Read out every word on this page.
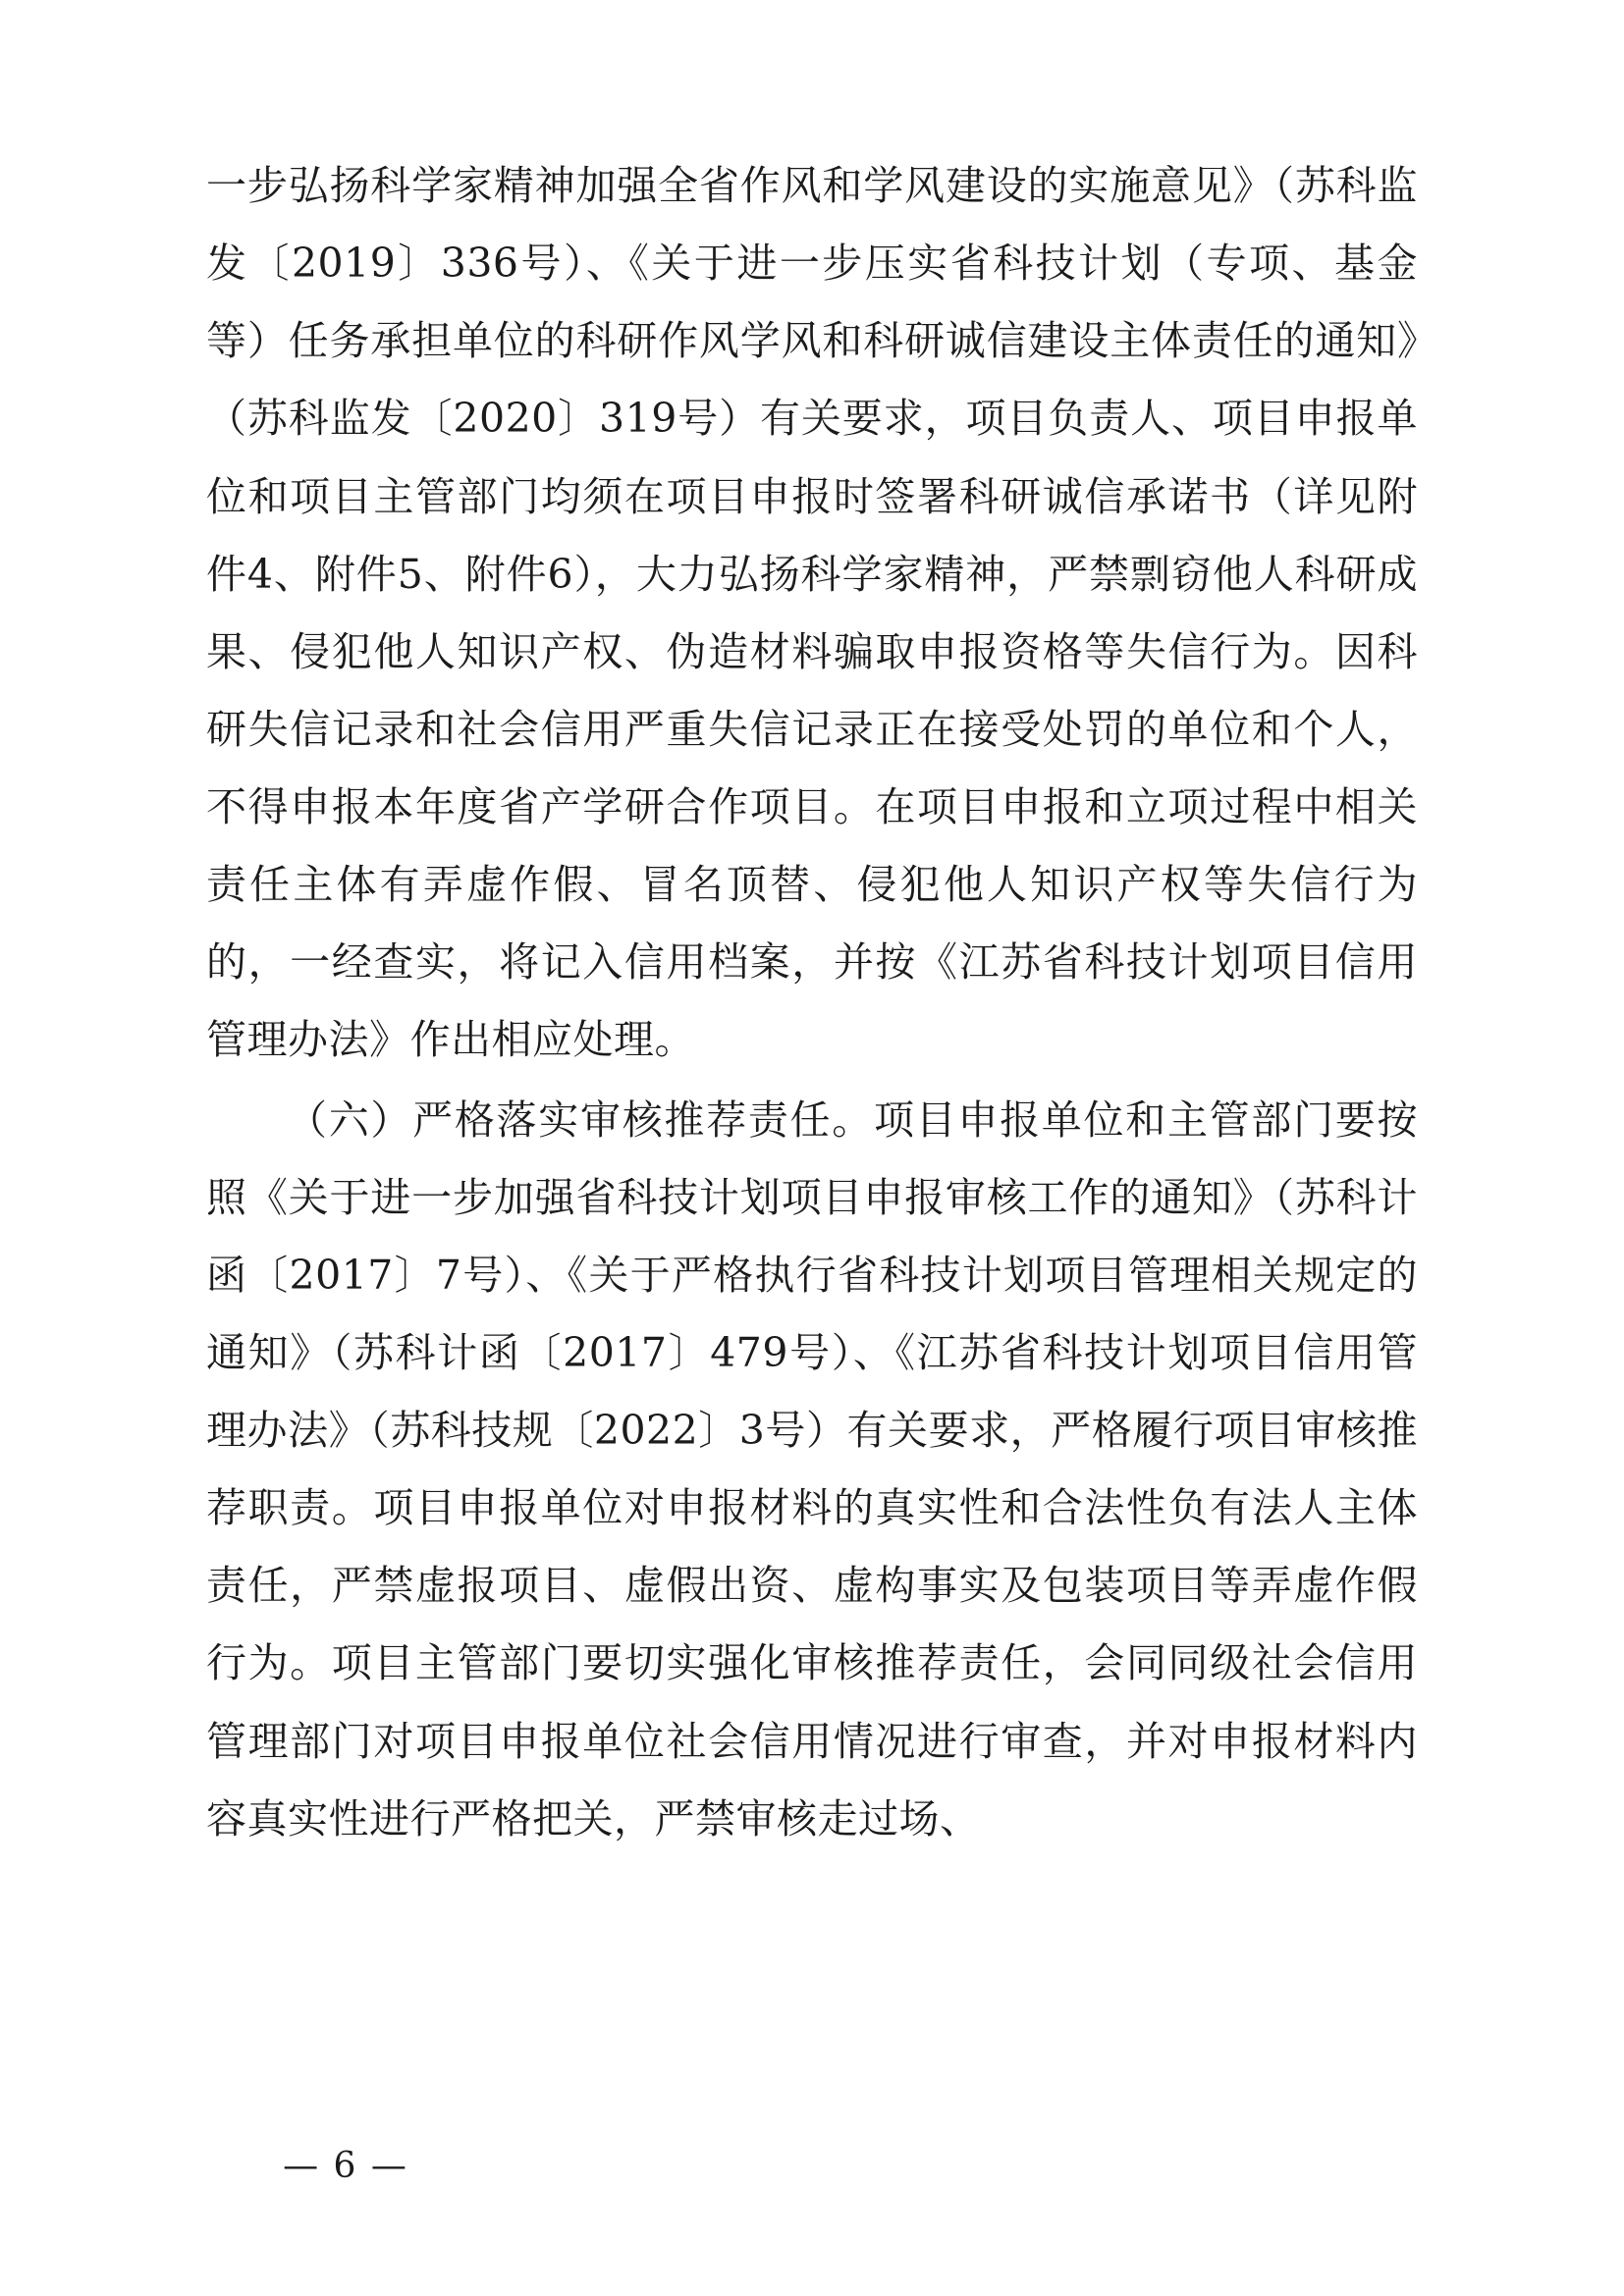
一步弘扬科学家精神加强全省作风和学风建设的实施意见》（苏科监发〔2019〕336号）、《关于进一步压实省科技计划（专项、基金等）任务承担单位的科研作风学风和科研诚信建设主体责任的通知》（苏科监发〔2020〕319号）有关要求，项目负责人、项目申报单位和项目主管部门均须在项目申报时签署科研诚信承诺书（详见附件4、附件5、附件6），大力弘扬科学家精神，严禁剽窃他人科研成果、侵犯他人知识产权、伪造材料骗取申报资格等失信行为。因科研失信记录和社会信用严重失信记录正在接受处罚的单位和个人，不得申报本年度省产学研合作项目。在项目申报和立项过程中相关责任主体有弄虚作假、冒名顶替、侵犯他人知识产权等失信行为的，一经查实，将记入信用档案，并按《江苏省科技计划项目信用管理办法》作出相应处理。

（六）严格落实审核推荐责任。项目申报单位和主管部门要按照《关于进一步加强省科技计划项目申报审核工作的通知》（苏科计函〔2017〕7号）、《关于严格执行省科技计划项目管理相关规定的通知》（苏科计函〔2017〕479号）、《江苏省科技计划项目信用管理办法》（苏科技规〔2022〕3号）有关要求，严格履行项目审核推荐职责。项目申报单位对申报材料的真实性和合法性负有法人主体责任，严禁虚报项目、虚假出资、虚构事实及包装项目等弄虚作假行为。项目主管部门要切实强化审核推荐责任，会同同级社会信用管理部门对项目申报单位社会信用情况进行审查，并对申报材料内容真实性进行严格把关，严禁审核走过场、

— 6 —
